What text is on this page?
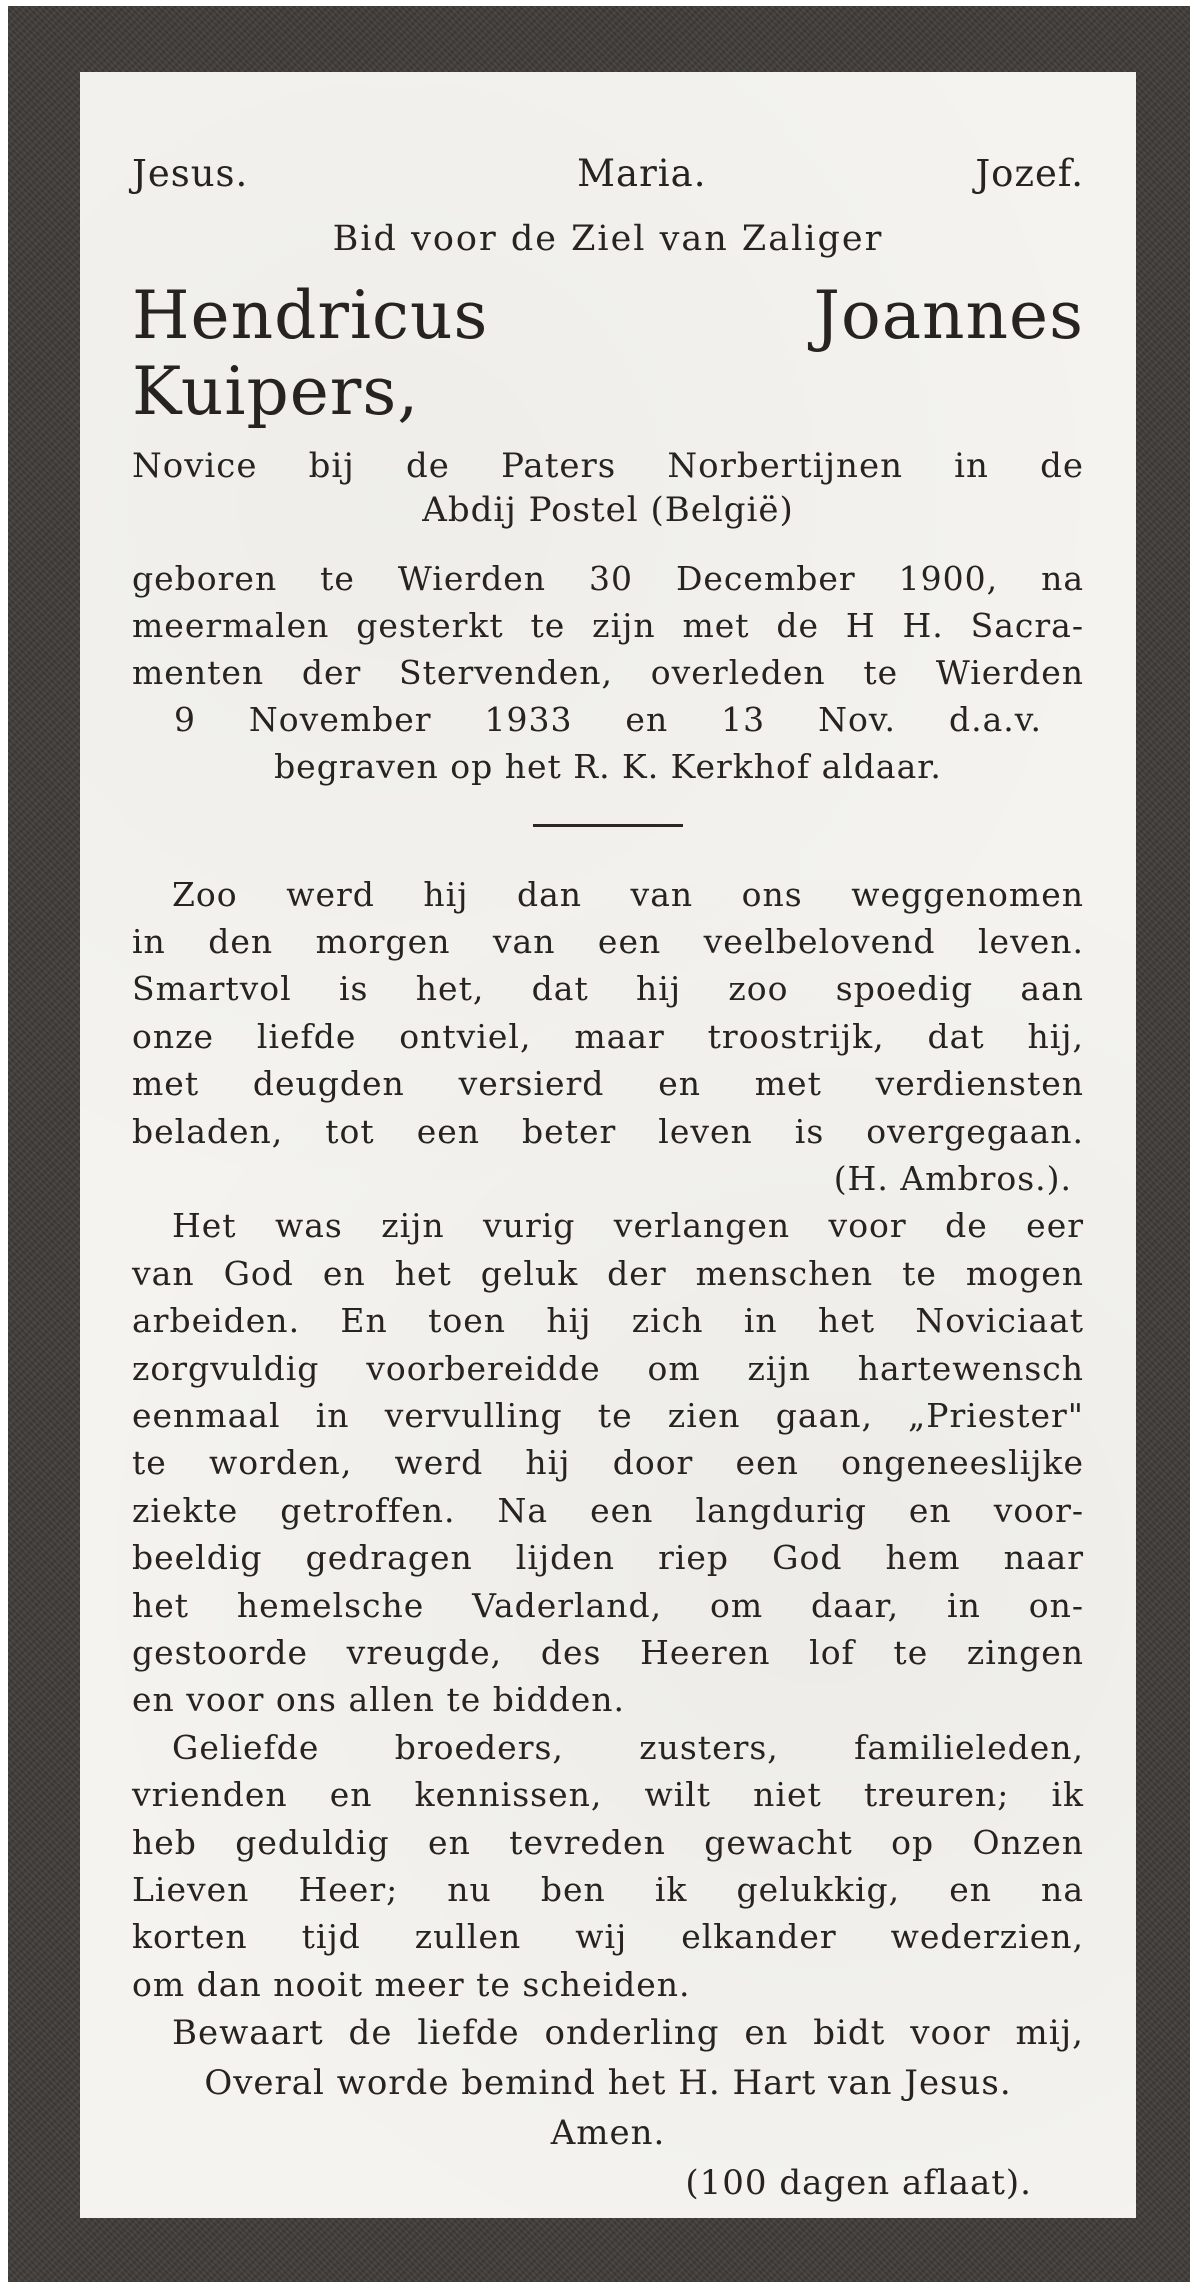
Jesus.	Maria.	Jozef.
Bid voor de Ziel van Zaliger
Hendricus Joannes Kuipers,
Novice bij de Paters Norbertijnen in de
Abdij Postel (België)
geboren te Wierden 30 December 1900, na
meermalen gesterkt te zijn met de H H. Sacra-
menten der Stervenden, overleden te Wierden
9 November 1933 en 13 Nov. d.a.v.
begraven op het R. K. Kerkhof aldaar.
Zoo werd hij dan van ons weggenomen
in den morgen van een veelbelovend leven.
Smartvol is het, dat hij zoo spoedig aan
onze liefde ontviel, maar troostrijk, dat hij,
met deugden versierd en met verdiensten
beladen, tot een beter leven is overgegaan.
(H. Ambros.).
Het was zijn vurig verlangen voor de eer
van God en het geluk der menschen te mogen
arbeiden. En toen hij zich in het Noviciaat
zorgvuldig voorbereidde om zijn hartewensch
eenmaal in vervulling te zien gaan, „Priester"
te worden, werd hij door een ongeneeslijke
ziekte getroffen. Na een langdurig en voor-
beeldig gedragen lijden riep God hem naar
het hemelsche Vaderland, om daar, in on-
gestoorde vreugde, des Heeren lof te zingen
en voor ons allen te bidden.
Geliefde broeders, zusters, familieleden,
vrienden en kennissen, wilt niet treuren; ik
heb geduldig en tevreden gewacht op Onzen
Lieven Heer; nu ben ik gelukkig, en na
korten tijd zullen wij elkander wederzien,
om dan nooit meer te scheiden.
Bewaart de liefde onderling en bidt voor mij,
Overal worde bemind het H. Hart van Jesus.
Amen.
(100 dagen aflaat).
